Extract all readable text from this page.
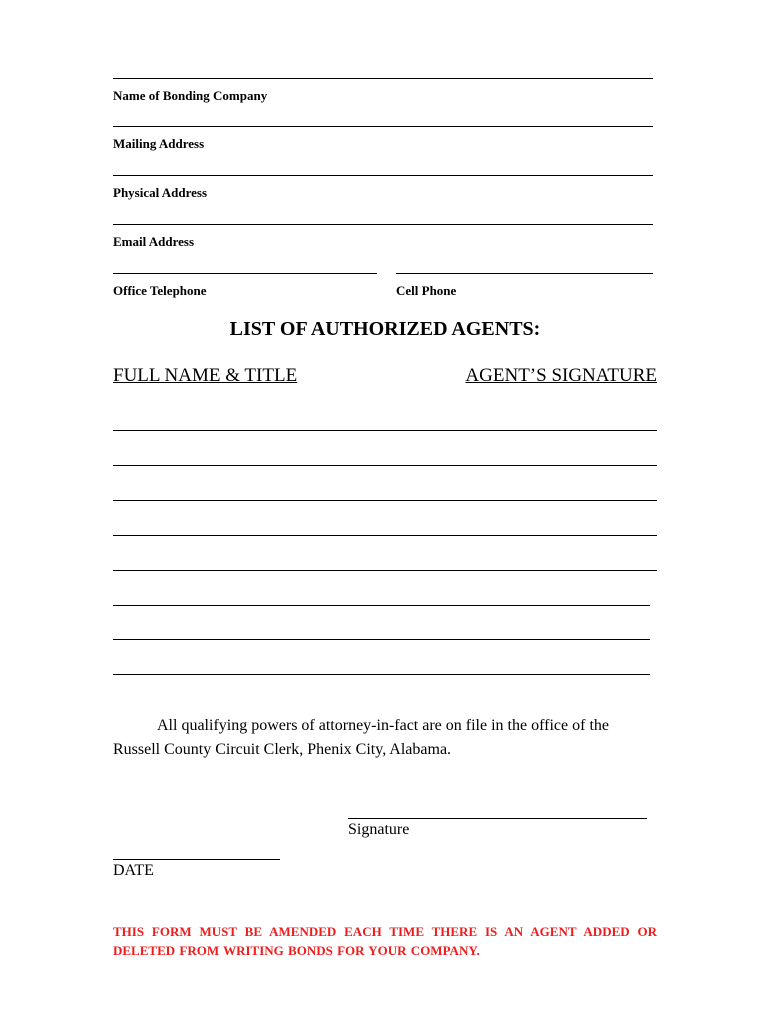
Name of Bonding Company
Mailing Address
Physical Address
Email Address
Office Telephone	Cell Phone
LIST OF AUTHORIZED AGENTS:
FULL NAME & TITLE	AGENT’S SIGNATURE
All qualifying powers of attorney-in-fact are on file in the office of the Russell County Circuit Clerk, Phenix City, Alabama.
Signature
DATE
THIS FORM MUST BE AMENDED EACH TIME THERE IS AN AGENT ADDED OR DELETED FROM WRITING BONDS FOR YOUR COMPANY.
